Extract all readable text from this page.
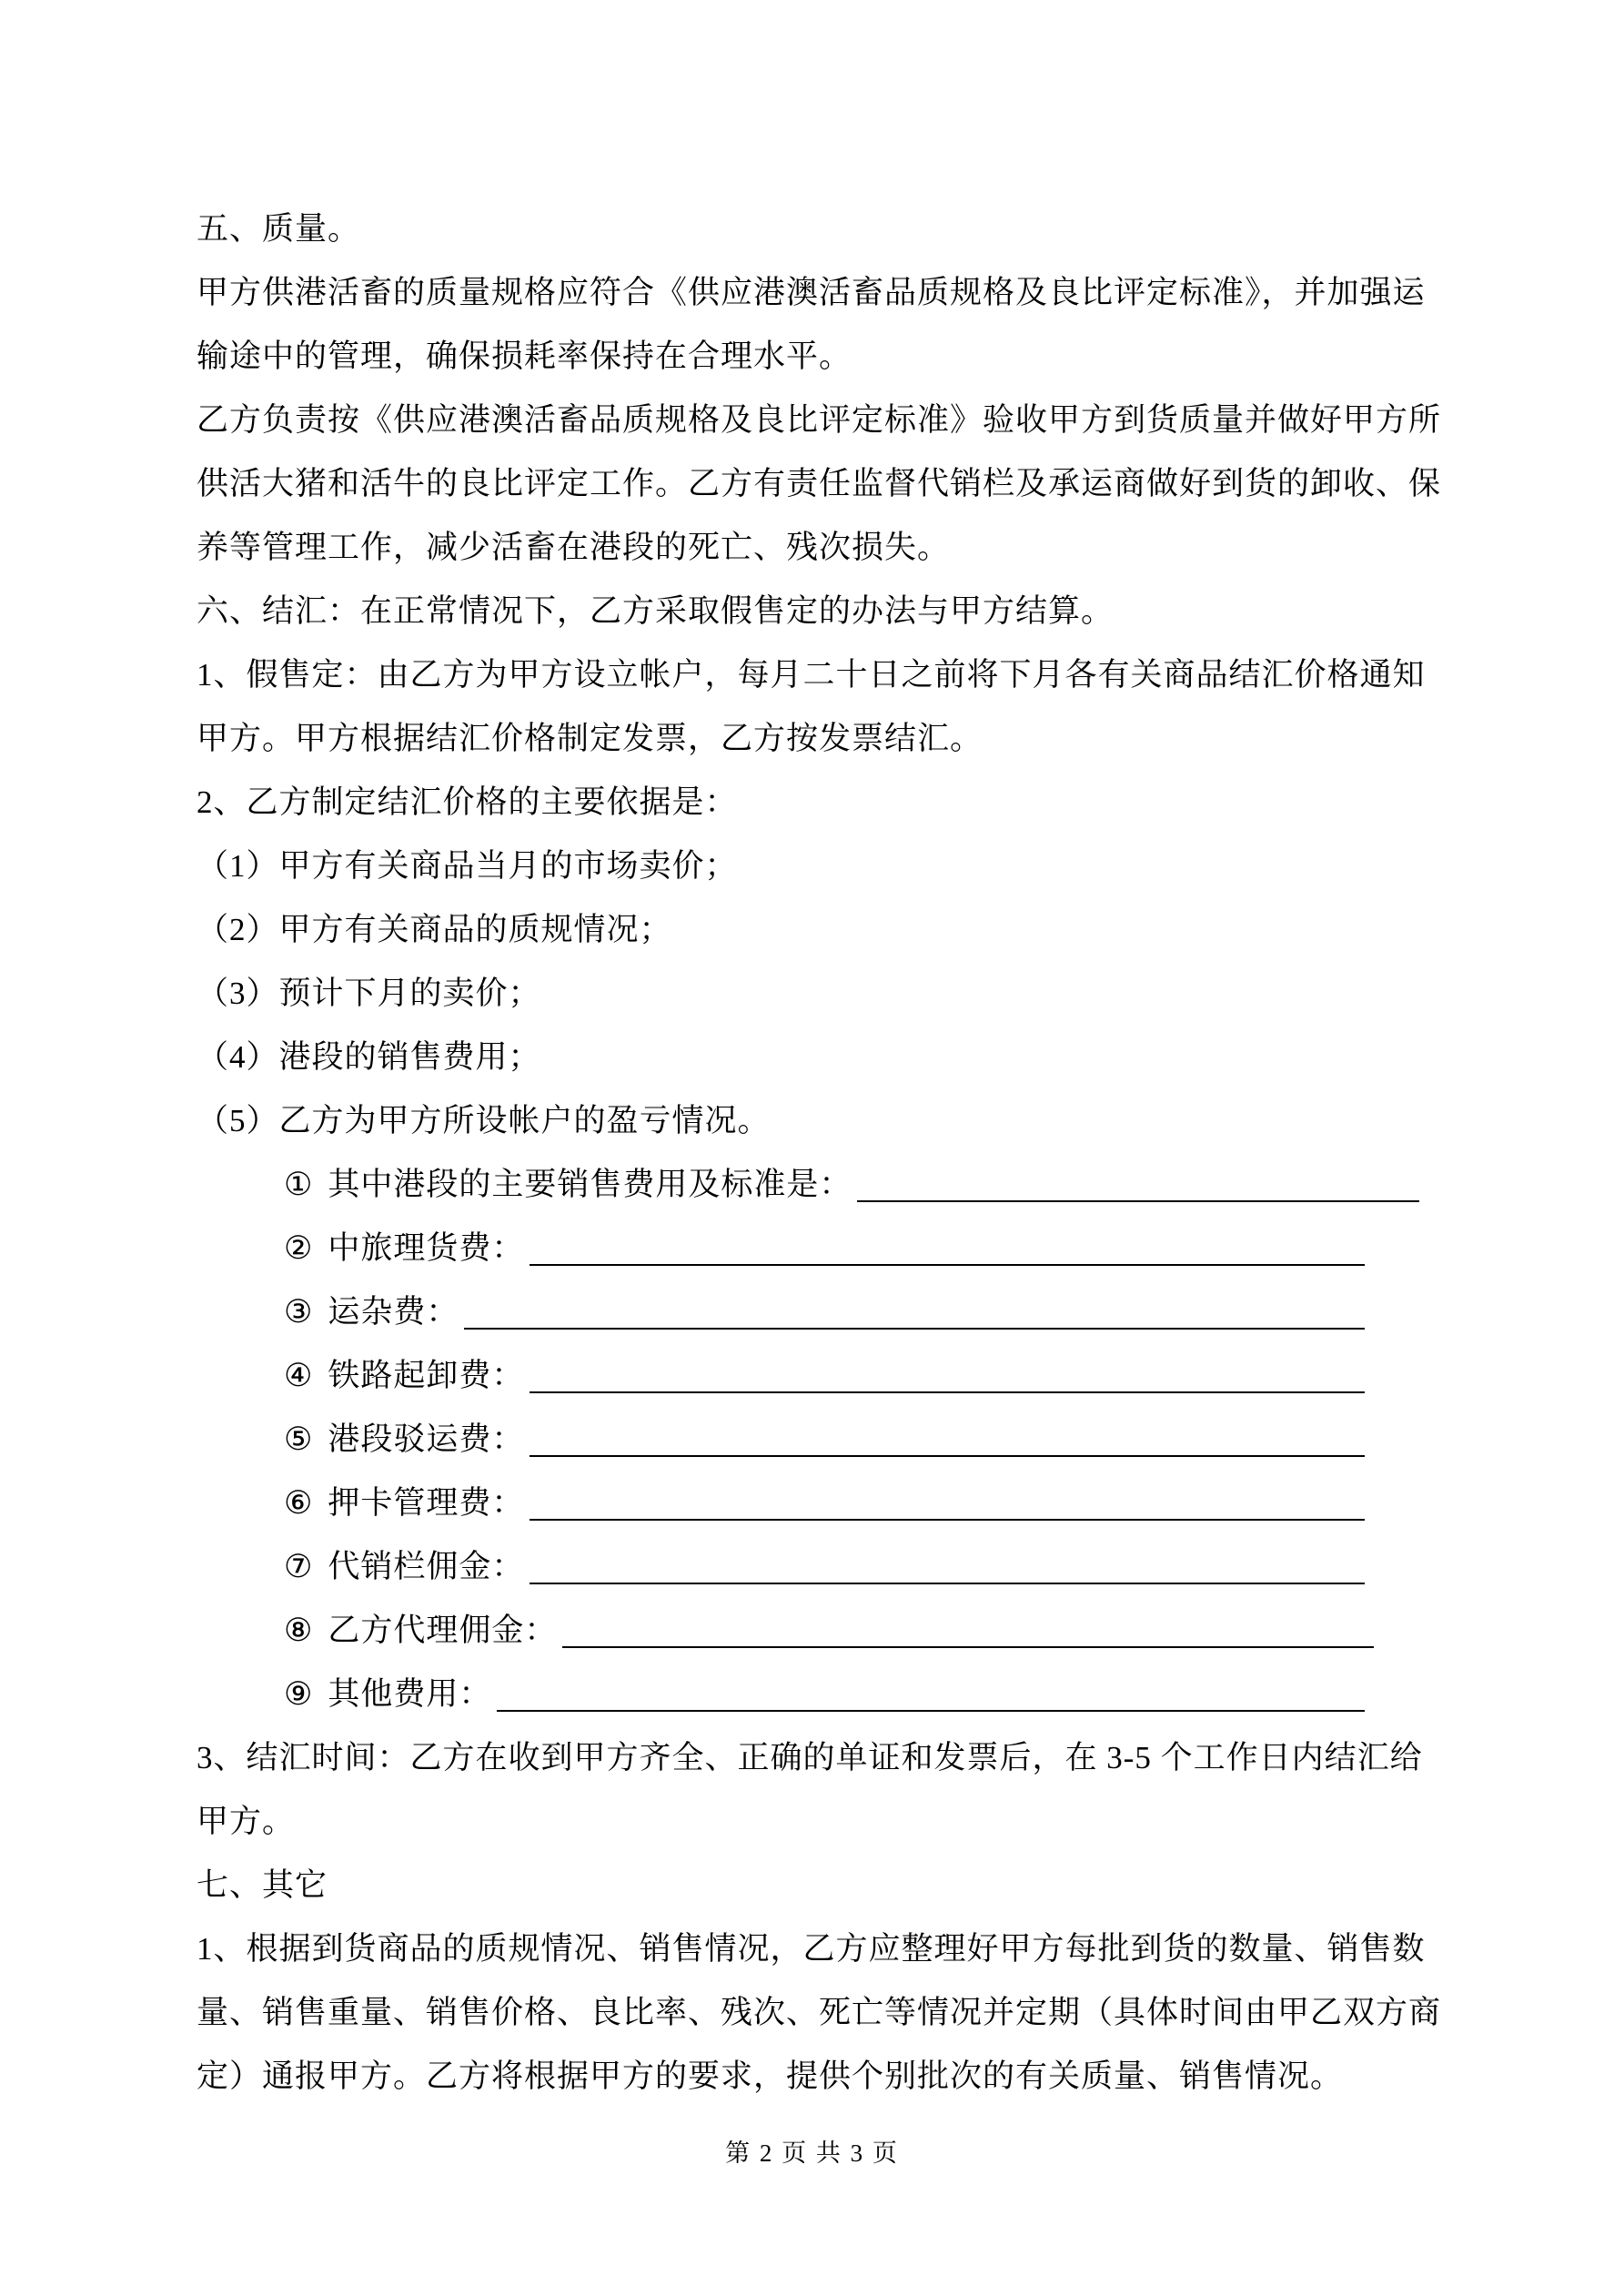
五、质量。
甲方供港活畜的质量规格应符合《供应港澳活畜品质规格及良比评定标准》，并加强运
输途中的管理，确保损耗率保持在合理水平。
乙方负责按《供应港澳活畜品质规格及良比评定标准》验收甲方到货质量并做好甲方所
供活大猪和活牛的良比评定工作。乙方有责任监督代销栏及承运商做好到货的卸收、保
养等管理工作，减少活畜在港段的死亡、残次损失。
六、结汇：在正常情况下，乙方采取假售定的办法与甲方结算。
1、假售定：由乙方为甲方设立帐户，每月二十日之前将下月各有关商品结汇价格通知
甲方。甲方根据结汇价格制定发票，乙方按发票结汇。
2、乙方制定结汇价格的主要依据是：
（1）甲方有关商品当月的市场卖价；
（2）甲方有关商品的质规情况；
（3）预计下月的卖价；
（4）港段的销售费用；
（5）乙方为甲方所设帐户的盈亏情况。
① 其中港段的主要销售费用及标准是：
② 中旅理货费：
③ 运杂费：
④ 铁路起卸费：
⑤ 港段驳运费：
⑥ 押卡管理费：
⑦ 代销栏佣金：
⑧ 乙方代理佣金：
⑨ 其他费用：
3、结汇时间：乙方在收到甲方齐全、正确的单证和发票后，在 3-5 个工作日内结汇给
甲方。
七、其它
1、根据到货商品的质规情况、销售情况，乙方应整理好甲方每批到货的数量、销售数
量、销售重量、销售价格、良比率、残次、死亡等情况并定期（具体时间由甲乙双方商
定）通报甲方。乙方将根据甲方的要求，提供个别批次的有关质量、销售情况。
第 2 页 共 3 页
